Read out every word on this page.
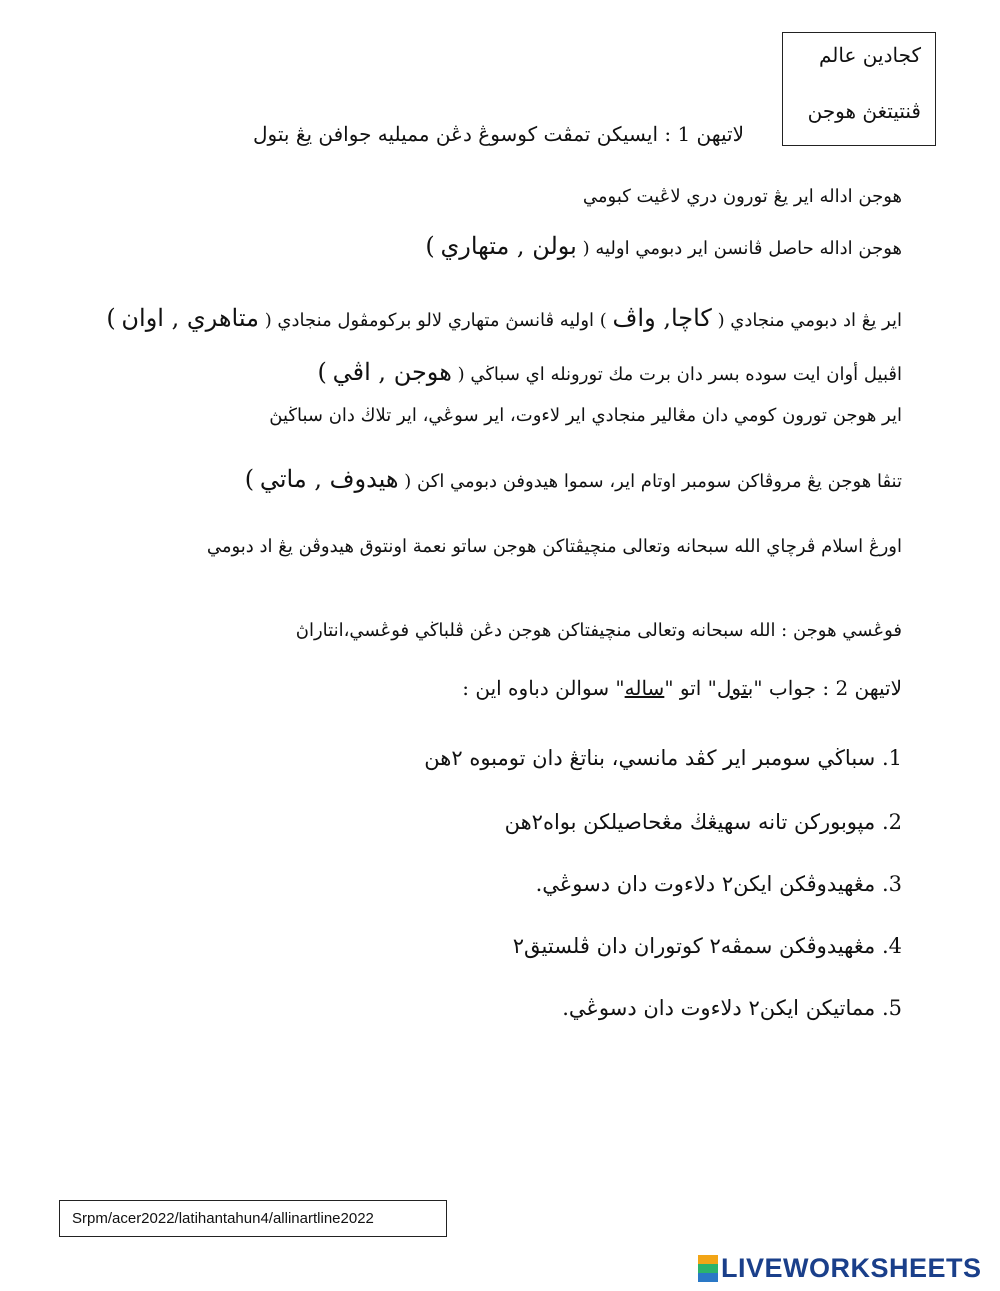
كجادين عالم
ڤنتيتغڽ هوجن
لاتيهن 1 : ايسيكن تمڤت كوسوڠ دڠن مميليه جوافن يڠ بتول
هوجن اداله اير يڠ تورون دري لاڠيت كبومي
هوجن اداله حاصل ڤانسن اير دبومي اوليه ( بولن , متهاري )
اير يڠ اد دبومي منجادي ( كاچا, واڤ ) اوليه ڤانسڽ متهاري لالو بركومڤول منجادي ( متاهري , اوان )
اڤبيل أوان ايت سوده بسر دان برت مك تورونله اي سباڬي ( هوجن , اڤي )
اير هوجن تورون كومي دان مڠالير منجادي اير لاءوت، اير سوڠي، اير تلاڬ دان سباڬيڽ
تنڤا هوجن يڠ مروڤاكن سومبر اوتام اير، سموا هيدوفن دبومي اكن ( هيدوف , ماتي )
اورڠ اسلام ڤرچاي الله سبحانه وتعالى منچيڤتاكن هوجن ساتو نعمة اونتوق هيدوڤن يڠ اد دبومي
فوڠسي هوجن : الله سبحانه وتعالى منچيفتاكن هوجن دڠن ڤلباڬي فوڠسي،انتاراڽ
لاتيهن 2 : جواب "بتول" اتو "ساله" سوالن دباوه اين :
1. سباڬي سومبر اير كڤد مانسي، بناتڠ دان تومبوه ٢هن
2. مڽوبوركن تانه سهيڠڬ مڠحاصيلكن بواه٢هن
3. مڠهيدوڤكن ايكن٢ دلاءوت دان دسوڠي.
4. مڠهيدوڤكن سمڤه٢ كوتوران دان ڤلستيق٢
5. مماتيكن ايكن٢ دلاءوت دان دسوڠي.
Srpm/acer2022/latihantahun4/allinartline2022
LIVEWORKSHEETS
